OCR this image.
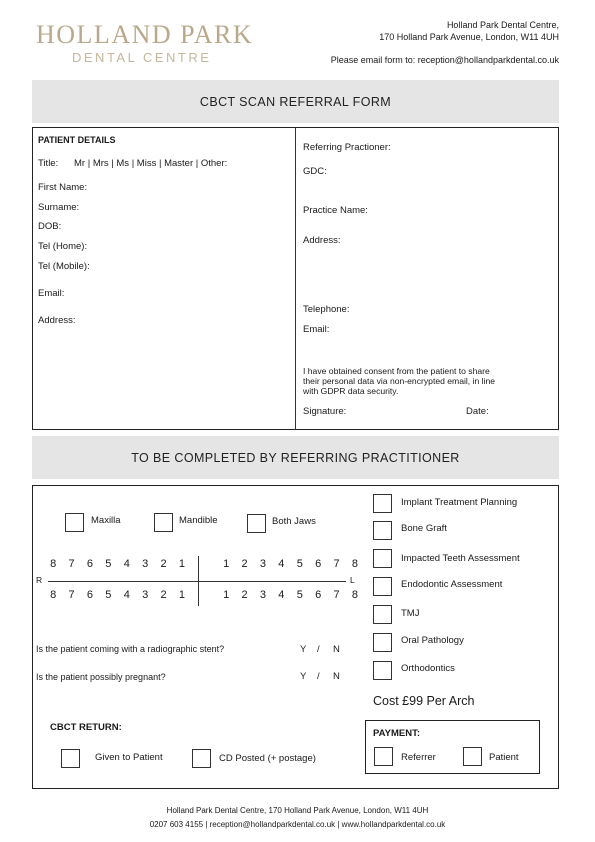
HOLLAND PARK
DENTAL CENTRE
Holland Park Dental Centre,
170 Holland Park Avenue, London, W11 4UH
Please email form to: reception@hollandparkdental.co.uk
CBCT SCAN REFERRAL FORM
PATIENT DETAILS
Title: Mr | Mrs | Ms | Miss | Master | Other:
First Name:
Surname:
DOB:
Tel (Home):
Tel (Mobile):
Email:
Address:
Referring Practioner:
GDC:
Practice Name:
Address:
Telephone:
Email:
I have obtained consent from the patient to share
their personal data via non-encrypted email, in line
with GDPR data security.
Signature:	Date:
TO BE COMPLETED BY REFERRING PRACTITIONER
Maxilla	Mandible	Both Jaws
8 7 6 5 4 3 2 1	1 2 3 4 5 6 7 8
8 7 6 5 4 3 2 1	1 2 3 4 5 6 7 8
R	L
Is the patient coming with a radiographic stent?	Y / N
Is the patient possibly pregnant?	Y / N
Implant Treatment Planning
Bone Graft
Impacted Teeth Assessment
Endodontic Assessment
TMJ
Oral Pathology
Orthodontics
Cost £99 Per Arch
CBCT RETURN:
Given to Patient	CD Posted (+ postage)
PAYMENT:
Referrer	Patient
Holland Park Dental Centre, 170 Holland Park Avenue, London, W11 4UH
0207 603 4155 | reception@hollandparkdental.co.uk | www.hollandparkdental.co.uk
